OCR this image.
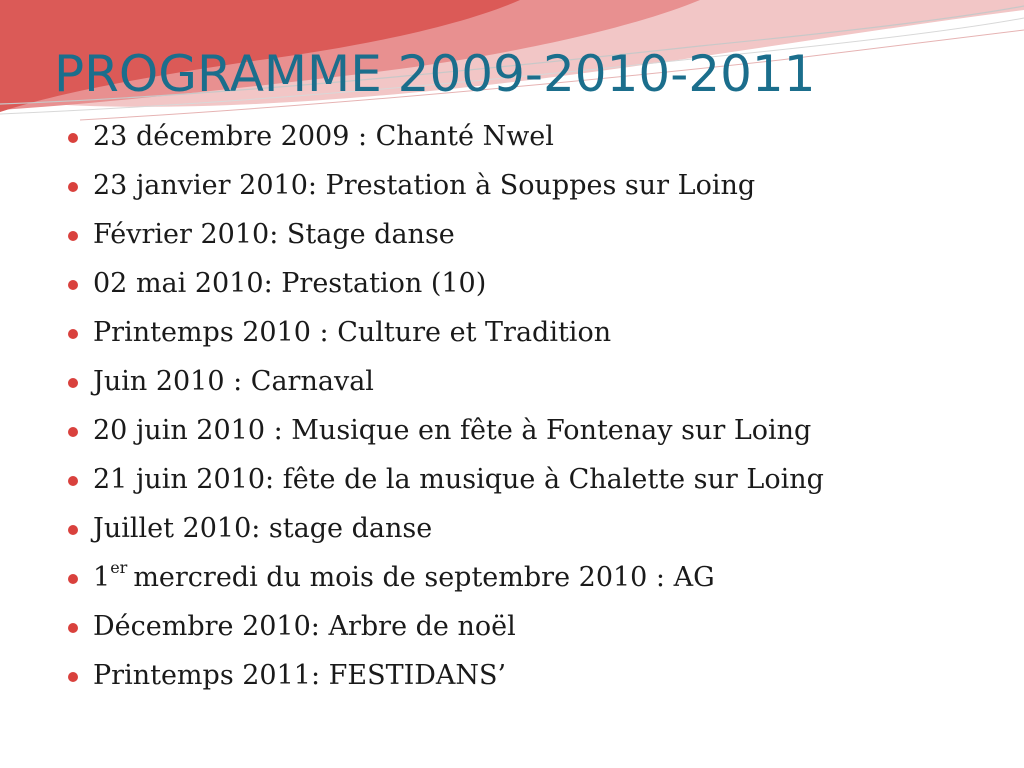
PROGRAMME 2009-2010-2011
23 décembre 2009 : Chanté Nwel
23 janvier 2010: Prestation à Souppes sur Loing
Février 2010: Stage danse
02 mai 2010: Prestation (10)
Printemps 2010 : Culture et Tradition
Juin 2010 : Carnaval
20 juin 2010 : Musique en fête à Fontenay sur Loing
21 juin 2010: fête de la musique à Chalette sur Loing
Juillet 2010: stage danse
1 er mercredi du mois de septembre 2010 : AG
Décembre 2010: Arbre de noël
Printemps 2011: FESTIDANS’
